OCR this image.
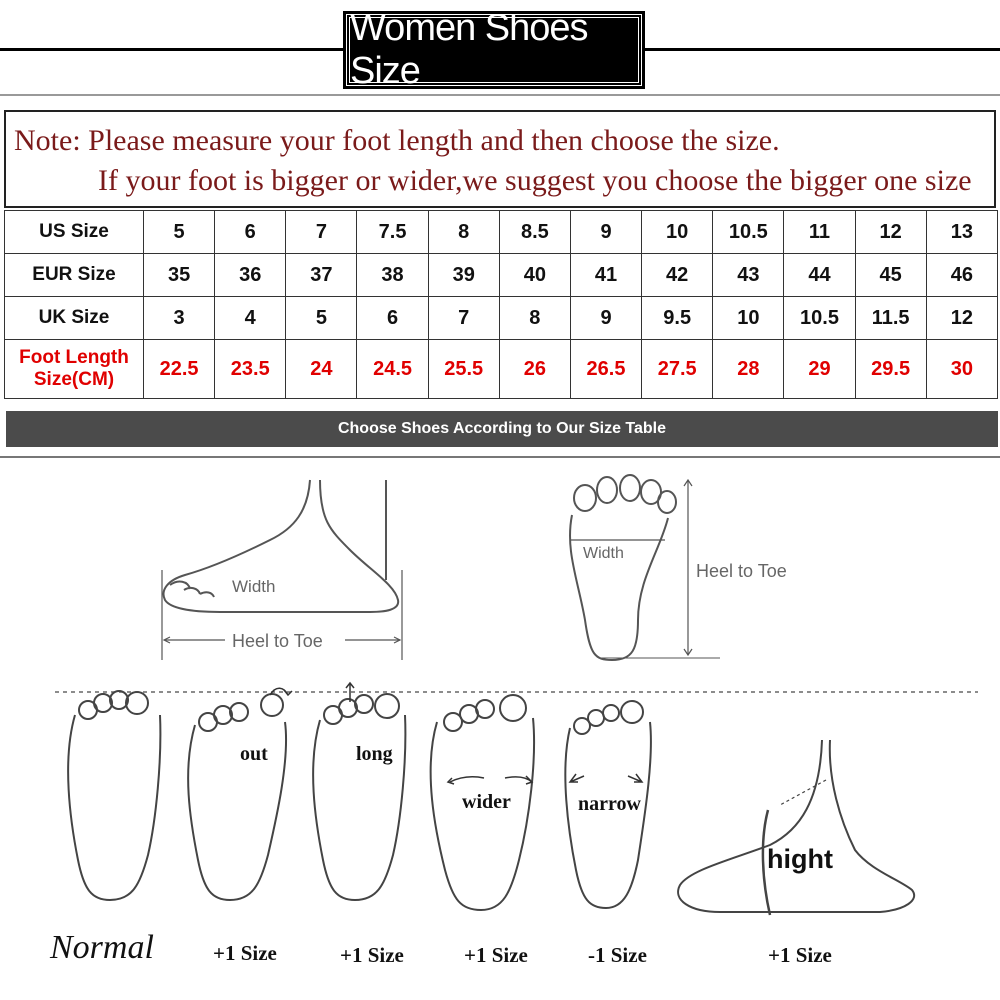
Women Shoes Size
Note: Please measure your foot length and then choose the size.
If your foot is bigger or wider,we suggest you choose the bigger one size
US Size	5	6	7	7.5	8	8.5	9	10	10.5	11	12	13
EUR Size	35	36	37	38	39	40	41	42	43	44	45	46
UK Size	3	4	5	6	7	8	9	9.5	10	10.5	11.5	12
Foot Length
Size(CM)	22.5	23.5	24	24.5	25.5	26	26.5	27.5	28	29	29.5	30
Choose Shoes According to Our Size Table
Width
Heel to Toe
Width
Heel to Toe
out	long
wider	narrow
hight
Normal	+1 Size	+1 Size	+1 Size	-1 Size	+1 Size
